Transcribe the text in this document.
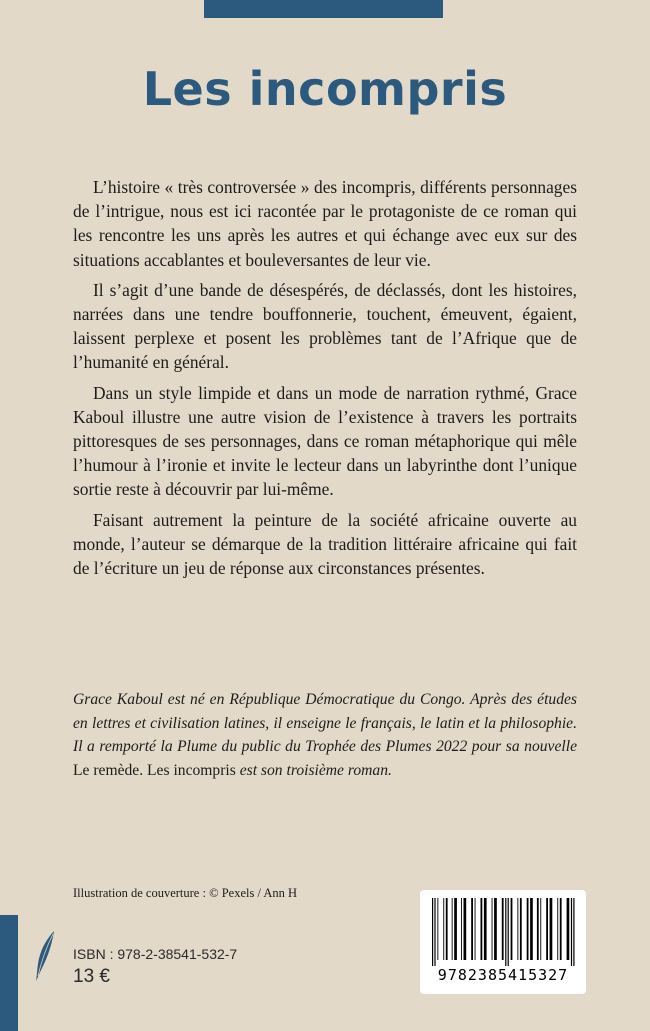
Les incompris

L’histoire « très controversée » des incompris, différents personnages de l’intrigue, nous est ici racontée par le protagoniste de ce roman qui les rencontre les uns après les autres et qui échange avec eux sur des situations accablantes et bouleversantes de leur vie.

Il s’agit d’une bande de désespérés, de déclassés, dont les histoires, narrées dans une tendre bouffonnerie, touchent, émeuvent, égaient, laissent perplexe et posent les problèmes tant de l’Afrique que de l’humanité en général.

Dans un style limpide et dans un mode de narration rythmé, Grace Kaboul illustre une autre vision de l’existence à travers les portraits pittoresques de ses personnages, dans ce roman métaphorique qui mêle l’humour à l’ironie et invite le lecteur dans un labyrinthe dont l’unique sortie reste à découvrir par lui-même.

Faisant autrement la peinture de la société africaine ouverte au monde, l’auteur se démarque de la tradition littéraire africaine qui fait de l’écriture un jeu de réponse aux circonstances présentes.

Grace Kaboul est né en République Démocratique du Congo. Après des études en lettres et civilisation latines, il enseigne le français, le latin et la philosophie. Il a remporté la Plume du public du Trophée des Plumes 2022 pour sa nouvelle Le remède. Les incompris est son troisième roman.
Illustration de couverture : © Pexels / Ann H
ISBN : 978-2-38541-532-7
13 €	9782385415327
